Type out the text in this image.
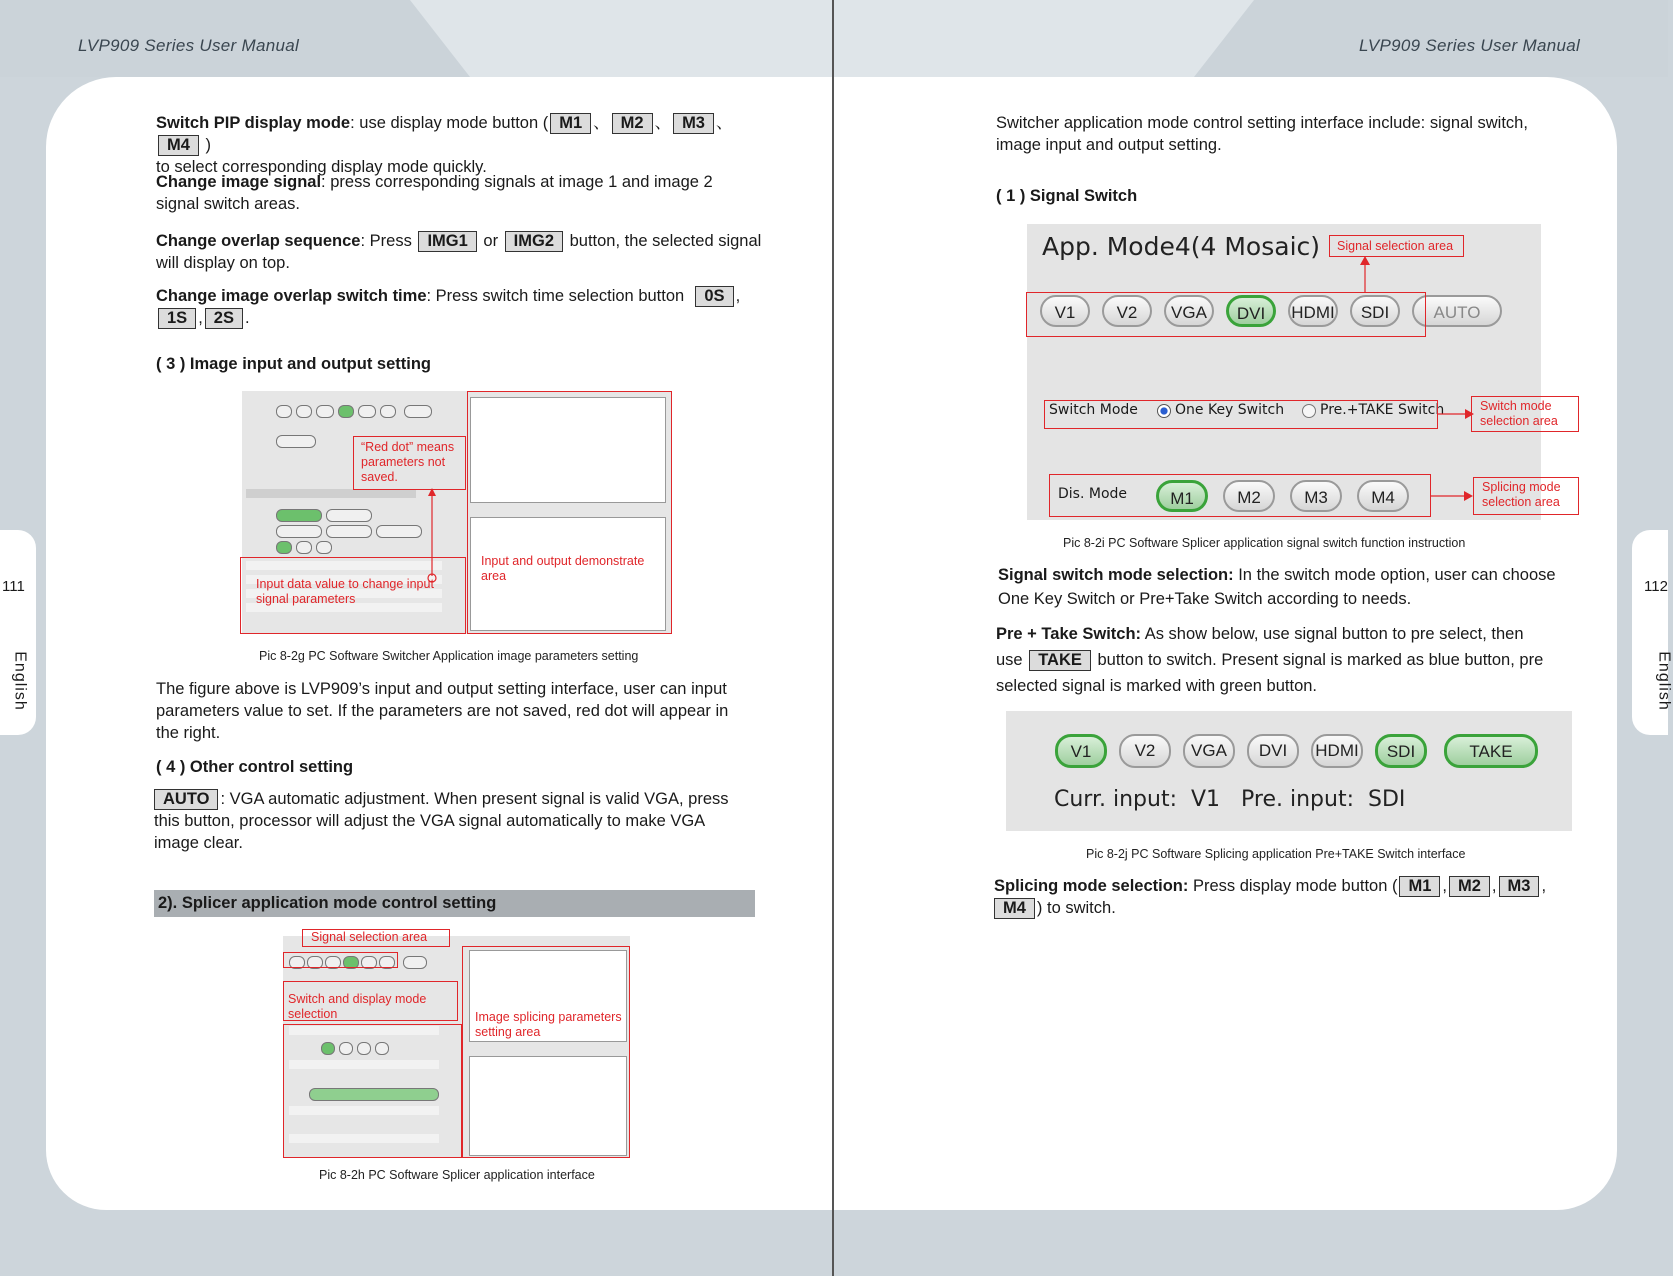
LVP909 Series User Manual
111
English
Switch PIP display mode: use display mode button ( M1 、 M2 、 M3 、M4 )
to select corresponding display mode quickly.
Change image signal: press corresponding signals at image 1 and image 2
signal switch areas.
Change overlap sequence: Press IMG1 or IMG2 button, the selected signal
will display on top.
Change image overlap switch time: Press switch time selection button 0S ,
1S , 2S .
( 3 ) Image input and output setting
“Red dot” means parameters not saved.
Input data value to change input signal parameters
Input and output demonstrate area
Pic 8-2g PC Software Switcher Application image parameters setting
The figure above is LVP909’s input and output setting interface, user can input
parameters value to set. If the parameters are not saved, red dot will appear in
the right.
( 4 ) Other control setting
AUTO : VGA automatic adjustment. When present signal is valid VGA, press
this button, processor will adjust the VGA signal automatically to make VGA
image clear.
2). Splicer application mode control setting
Signal selection area
Switch and display mode selection	Image splicing parameters setting area
Pic 8-2h PC Software Splicer application interface
LVP909 Series User Manual
112
English
Switcher application mode control setting interface include: signal switch,
image input and output setting.
( 1 ) Signal Switch
App. Mode4(4 Mosaic)
V1	V2	VGA	DVI	HDMI	SDI	AUTO
Switch Mode	One Key Switch	Pre.+TAKE Switch
Dis. Mode	M1	M2	M3	M4
Signal selection area
Switch mode selection area
Splicing mode selection area
Pic 8-2i PC Software Splicer application signal switch function instruction
Signal switch mode selection: In the switch mode option, user can choose
One Key Switch or Pre+Take Switch according to needs.
Pre + Take Switch: As show below, use signal button to pre select, then
use TAKE button to switch. Present signal is marked as blue button, pre
selected signal is marked with green button.
V1	V2	VGA	DVI	HDMI	SDI	TAKE
Curr. input: V1 Pre. input: SDI
Pic 8-2j PC Software Splicing application Pre+TAKE Switch interface
Splicing mode selection: Press display mode button ( M1 , M2 , M3 ,
M4 ) to switch.
